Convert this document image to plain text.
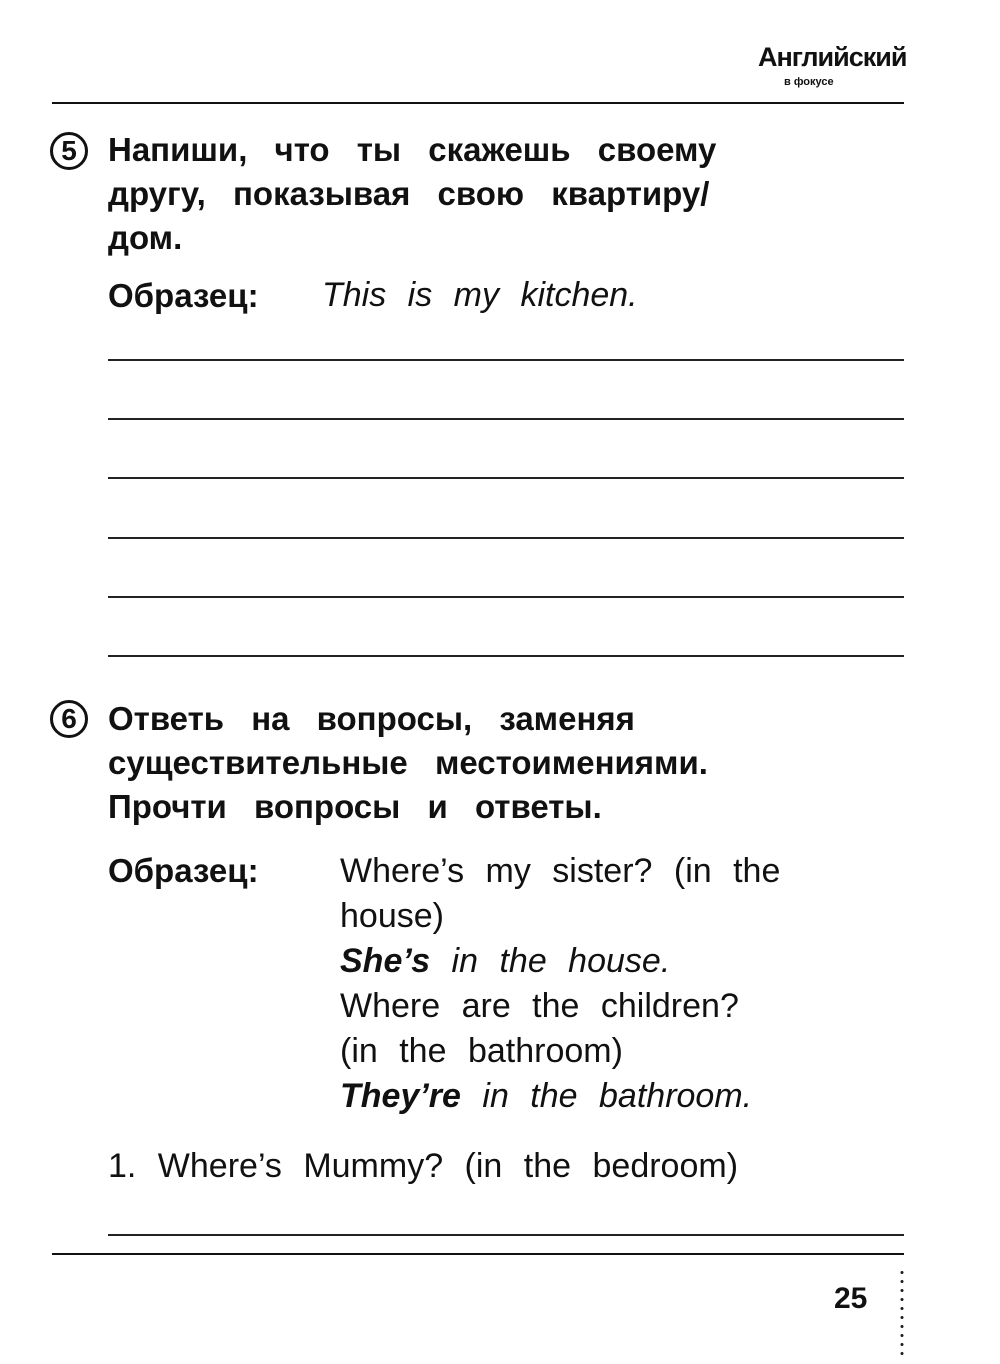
Английский
в фокусе
5 Напиши, что ты скажешь своему
другу, показывая свою квартиру/
дом.
Образец: This is my kitchen.
6 Ответь на вопросы, заменяя
существительные местоимениями.
Прочти вопросы и ответы.
Образец: Where’s my sister? (in the
house)
She’s in the house.
Where are the children?
(in the bathroom)
They’re in the bathroom.
1. Where’s Mummy? (in the bedroom)
25
